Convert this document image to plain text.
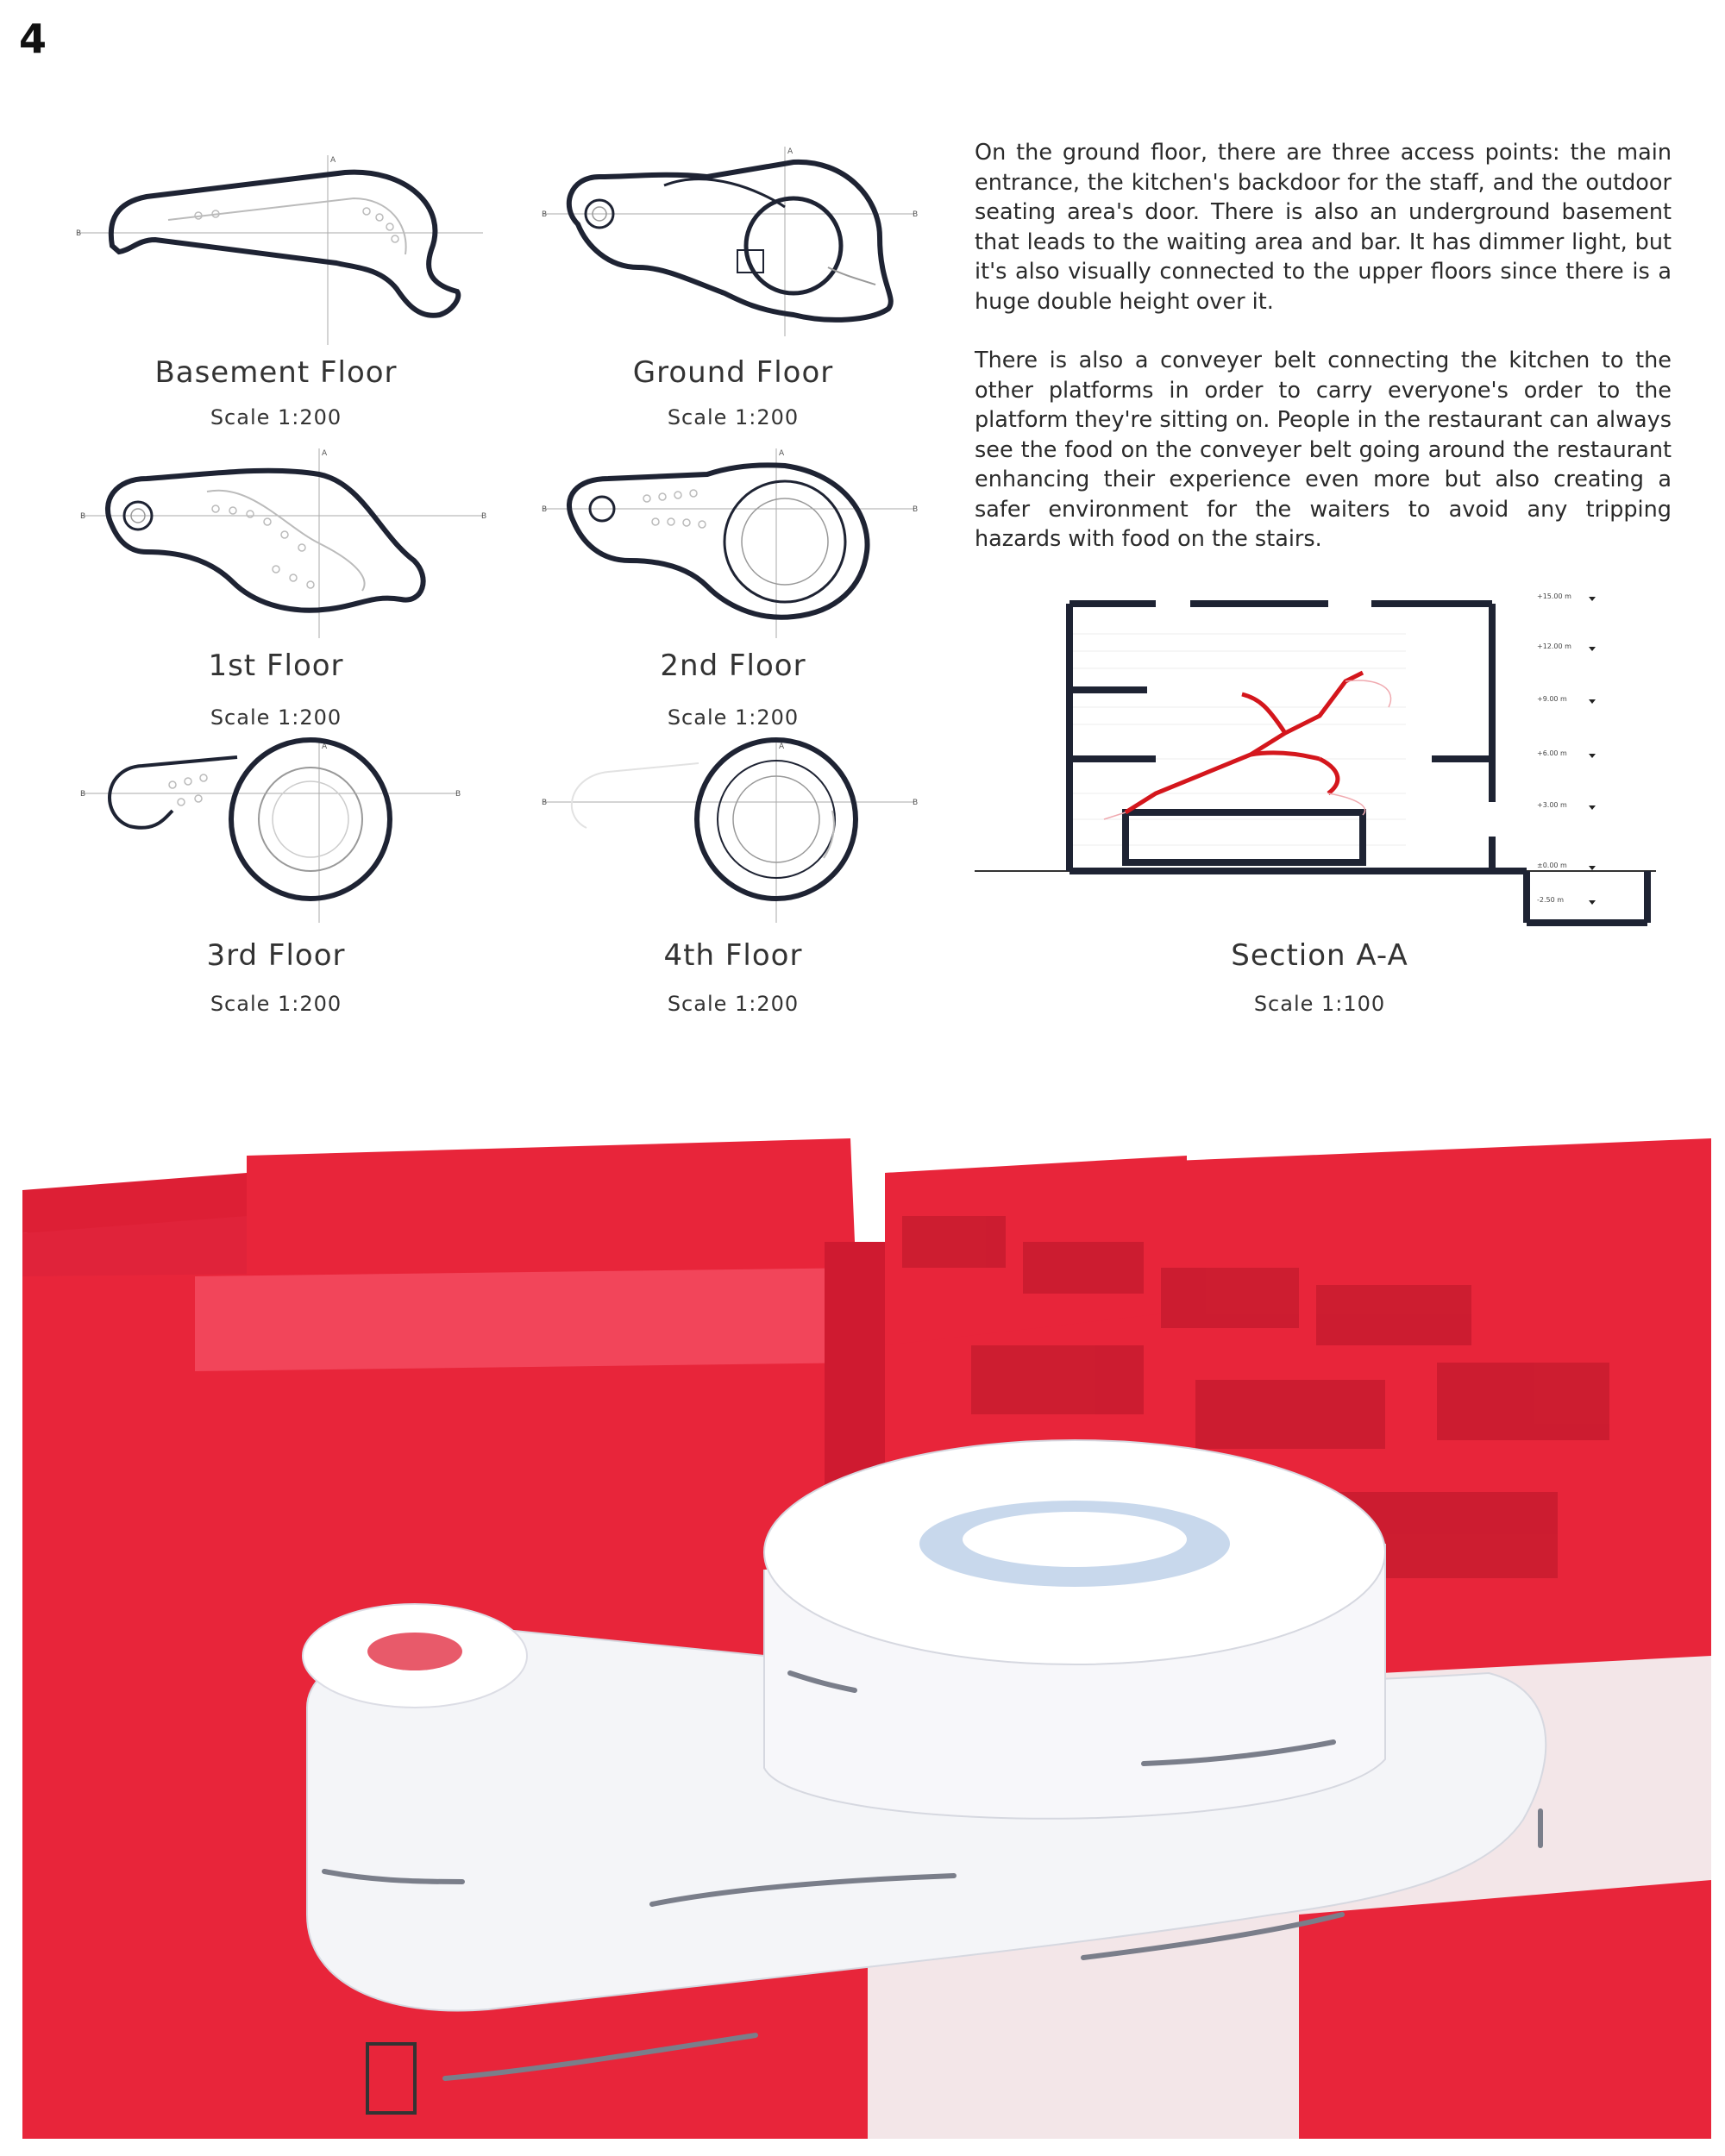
4
B
A
Basement Floor
Scale 1:200
B	B
A
Ground Floor
Scale 1:200
B	B
A
1st Floor
Scale 1:200
B	B
A
2nd Floor
Scale 1:200
B	B
A
3rd Floor
Scale 1:200
B	B
A
4th Floor
Scale 1:200

On the ground floor, there are three access points: the main entrance, the kitchen's backdoor for the staff, and the outdoor seating area's door. There is also an underground basement that leads to the waiting area and bar. It has dimmer light, but it's also visually connected to the upper floors since there is a huge double height over it.

There is also a conveyer belt connecting the kitchen to the other platforms in order to carry everyone's order to the platform they're sitting on. People in the restaurant can always see the food on the conveyer belt going around the restaurant enhancing their experience even more but also creating a safer environment for the waiters to avoid any tripping hazards with food on the stairs.

+15.00 m
+12.00 m
+9.00 m
+6.00 m
+3.00 m
±0.00 m
-2.50 m
Section A-A
Scale 1:100
